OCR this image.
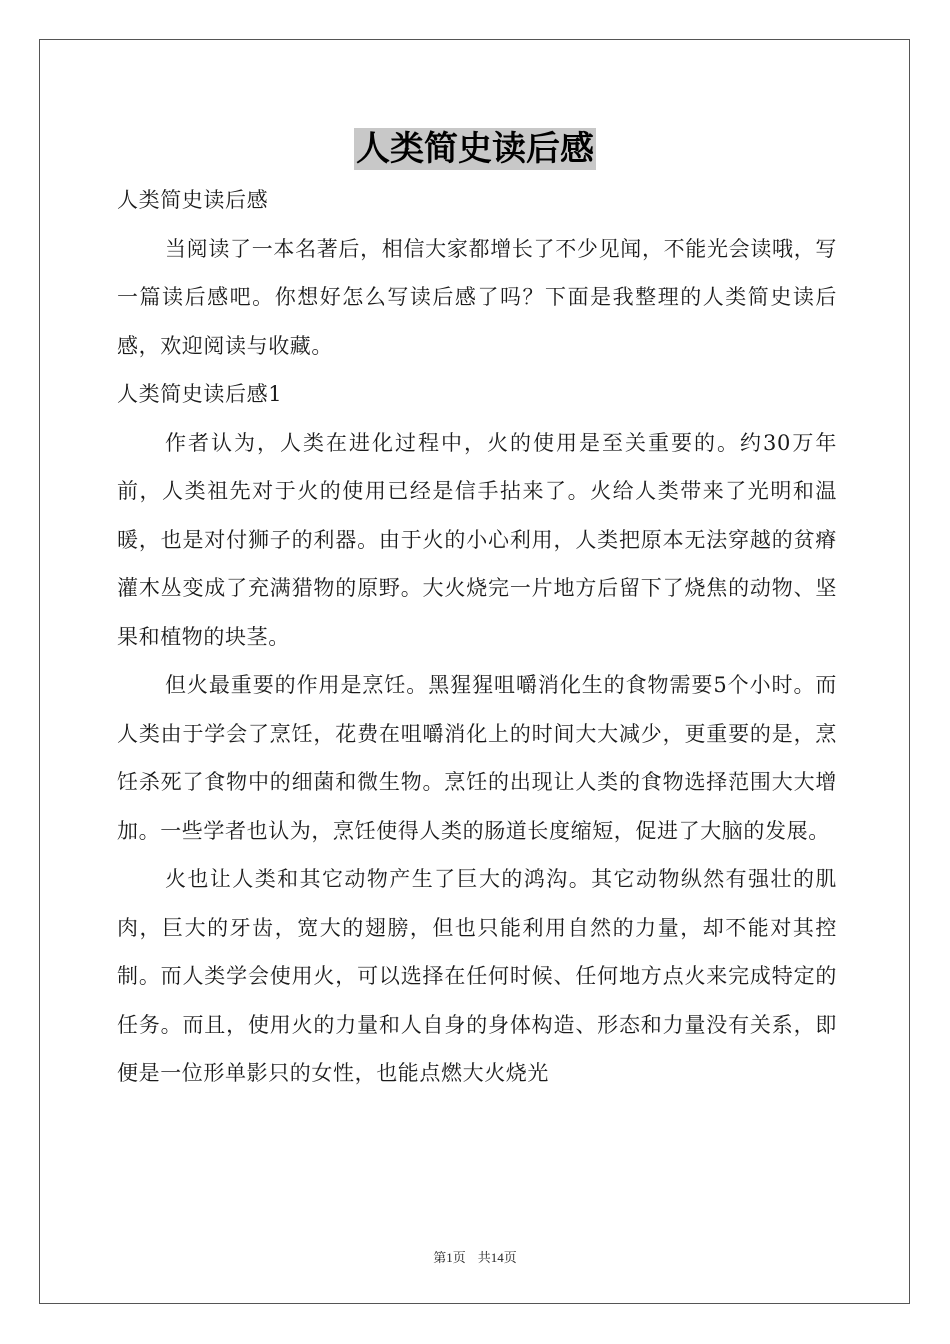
人类简史读后感

人类简史读后感

当阅读了一本名著后，相信大家都增长了不少见闻，不能光会读哦，写一篇读后感吧。你想好怎么写读后感了吗？下面是我整理的人类简史读后感，欢迎阅读与收藏。

人类简史读后感1

作者认为，人类在进化过程中，火的使用是至关重要的。约30万年前，人类祖先对于火的使用已经是信手拈来了。火给人类带来了光明和温暖，也是对付狮子的利器。由于火的小心利用，人类把原本无法穿越的贫瘠灌木丛变成了充满猎物的原野。大火烧完一片地方后留下了烧焦的动物、坚果和植物的块茎。

但火最重要的作用是烹饪。黑猩猩咀嚼消化生的食物需要5个小时。而人类由于学会了烹饪，花费在咀嚼消化上的时间大大减少，更重要的是，烹饪杀死了食物中的细菌和微生物。烹饪的出现让人类的食物选择范围大大增加。一些学者也认为，烹饪使得人类的肠道长度缩短，促进了大脑的发展。

火也让人类和其它动物产生了巨大的鸿沟。其它动物纵然有强壮的肌肉，巨大的牙齿，宽大的翅膀，但也只能利用自然的力量，却不能对其控制。而人类学会使用火，可以选择在任何时候、任何地方点火来完成特定的任务。而且，使用火的力量和人自身的身体构造、形态和力量没有关系，即便是一位形单影只的女性，也能点燃大火烧光

第1页 共14页
